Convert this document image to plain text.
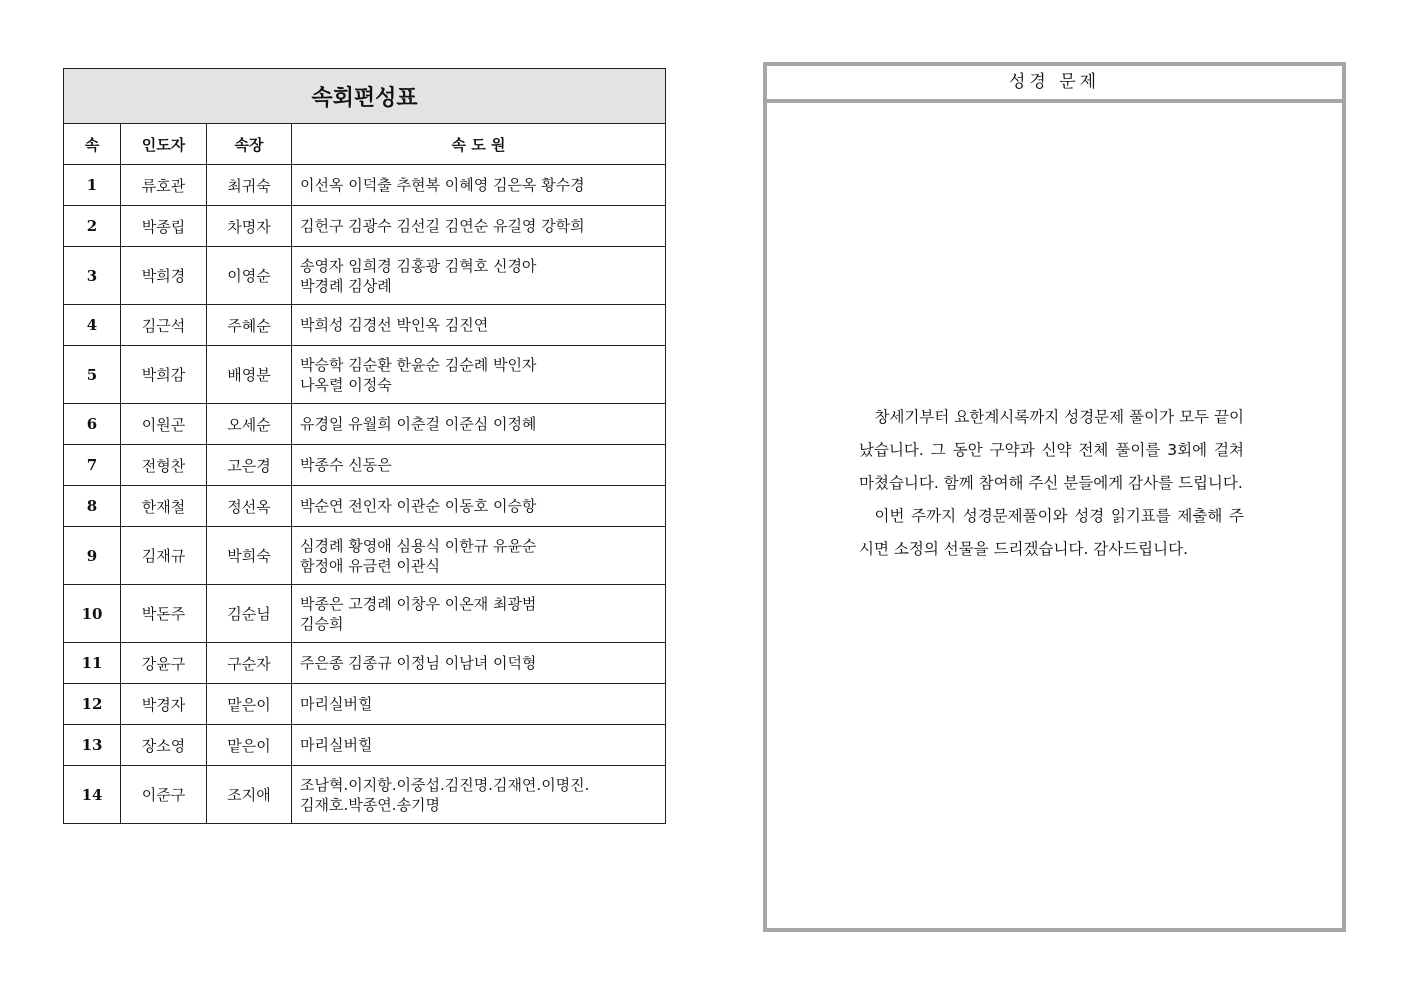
속회편성표			
속	인도자	속장	속 도 원
1	류호관	최귀숙	이선옥 이덕출 추현복 이혜영 김은옥 황수경
2	박종립	차명자	김헌구 김광수 김선길 김연순 유길영 강학희
3	박희경	이영순	송영자 임희경 김홍광 김혁호 신경아
박경례 김상례
4	김근석	주혜순	박희성 김경선 박인옥 김진연
5	박희감	배영분	박승학 김순환 한윤순 김순례 박인자
나옥렬 이정숙
6	이원곤	오세순	유경일 유월희 이춘걸 이준심 이정혜
7	전형찬	고은경	박종수 신동은
8	한재철	정선옥	박순연 전인자 이관순 이동호 이승항
9	김재규	박희숙	심경례 황영애 심용식 이한규 유윤순
함정애 유금련 이관식
10	박돈주	김순님	박종은 고경례 이창우 이온재 최광범
김승희
11	강윤구	구순자	주은종 김종규 이정님 이남녀 이덕형
12	박경자	맡은이	마리실버힐
13	장소영	맡은이	마리실버힐
14	이준구	조지애	조남혁.이지항.이중섭.김진명.김재연.이명진.
김재호.박종연.송기명
성경 문제

창세기부터 요한계시록까지 성경문제 풀이가 모두 끝이 났습니다. 그 동안 구약과 신약 전체 풀이를 3회에 걸쳐 마쳤습니다. 함께 참여해 주신 분들에게 감사를 드립니다.

이번 주까지 성경문제풀이와 성경 읽기표를 제출해 주시면 소정의 선물을 드리겠습니다. 감사드립니다.
